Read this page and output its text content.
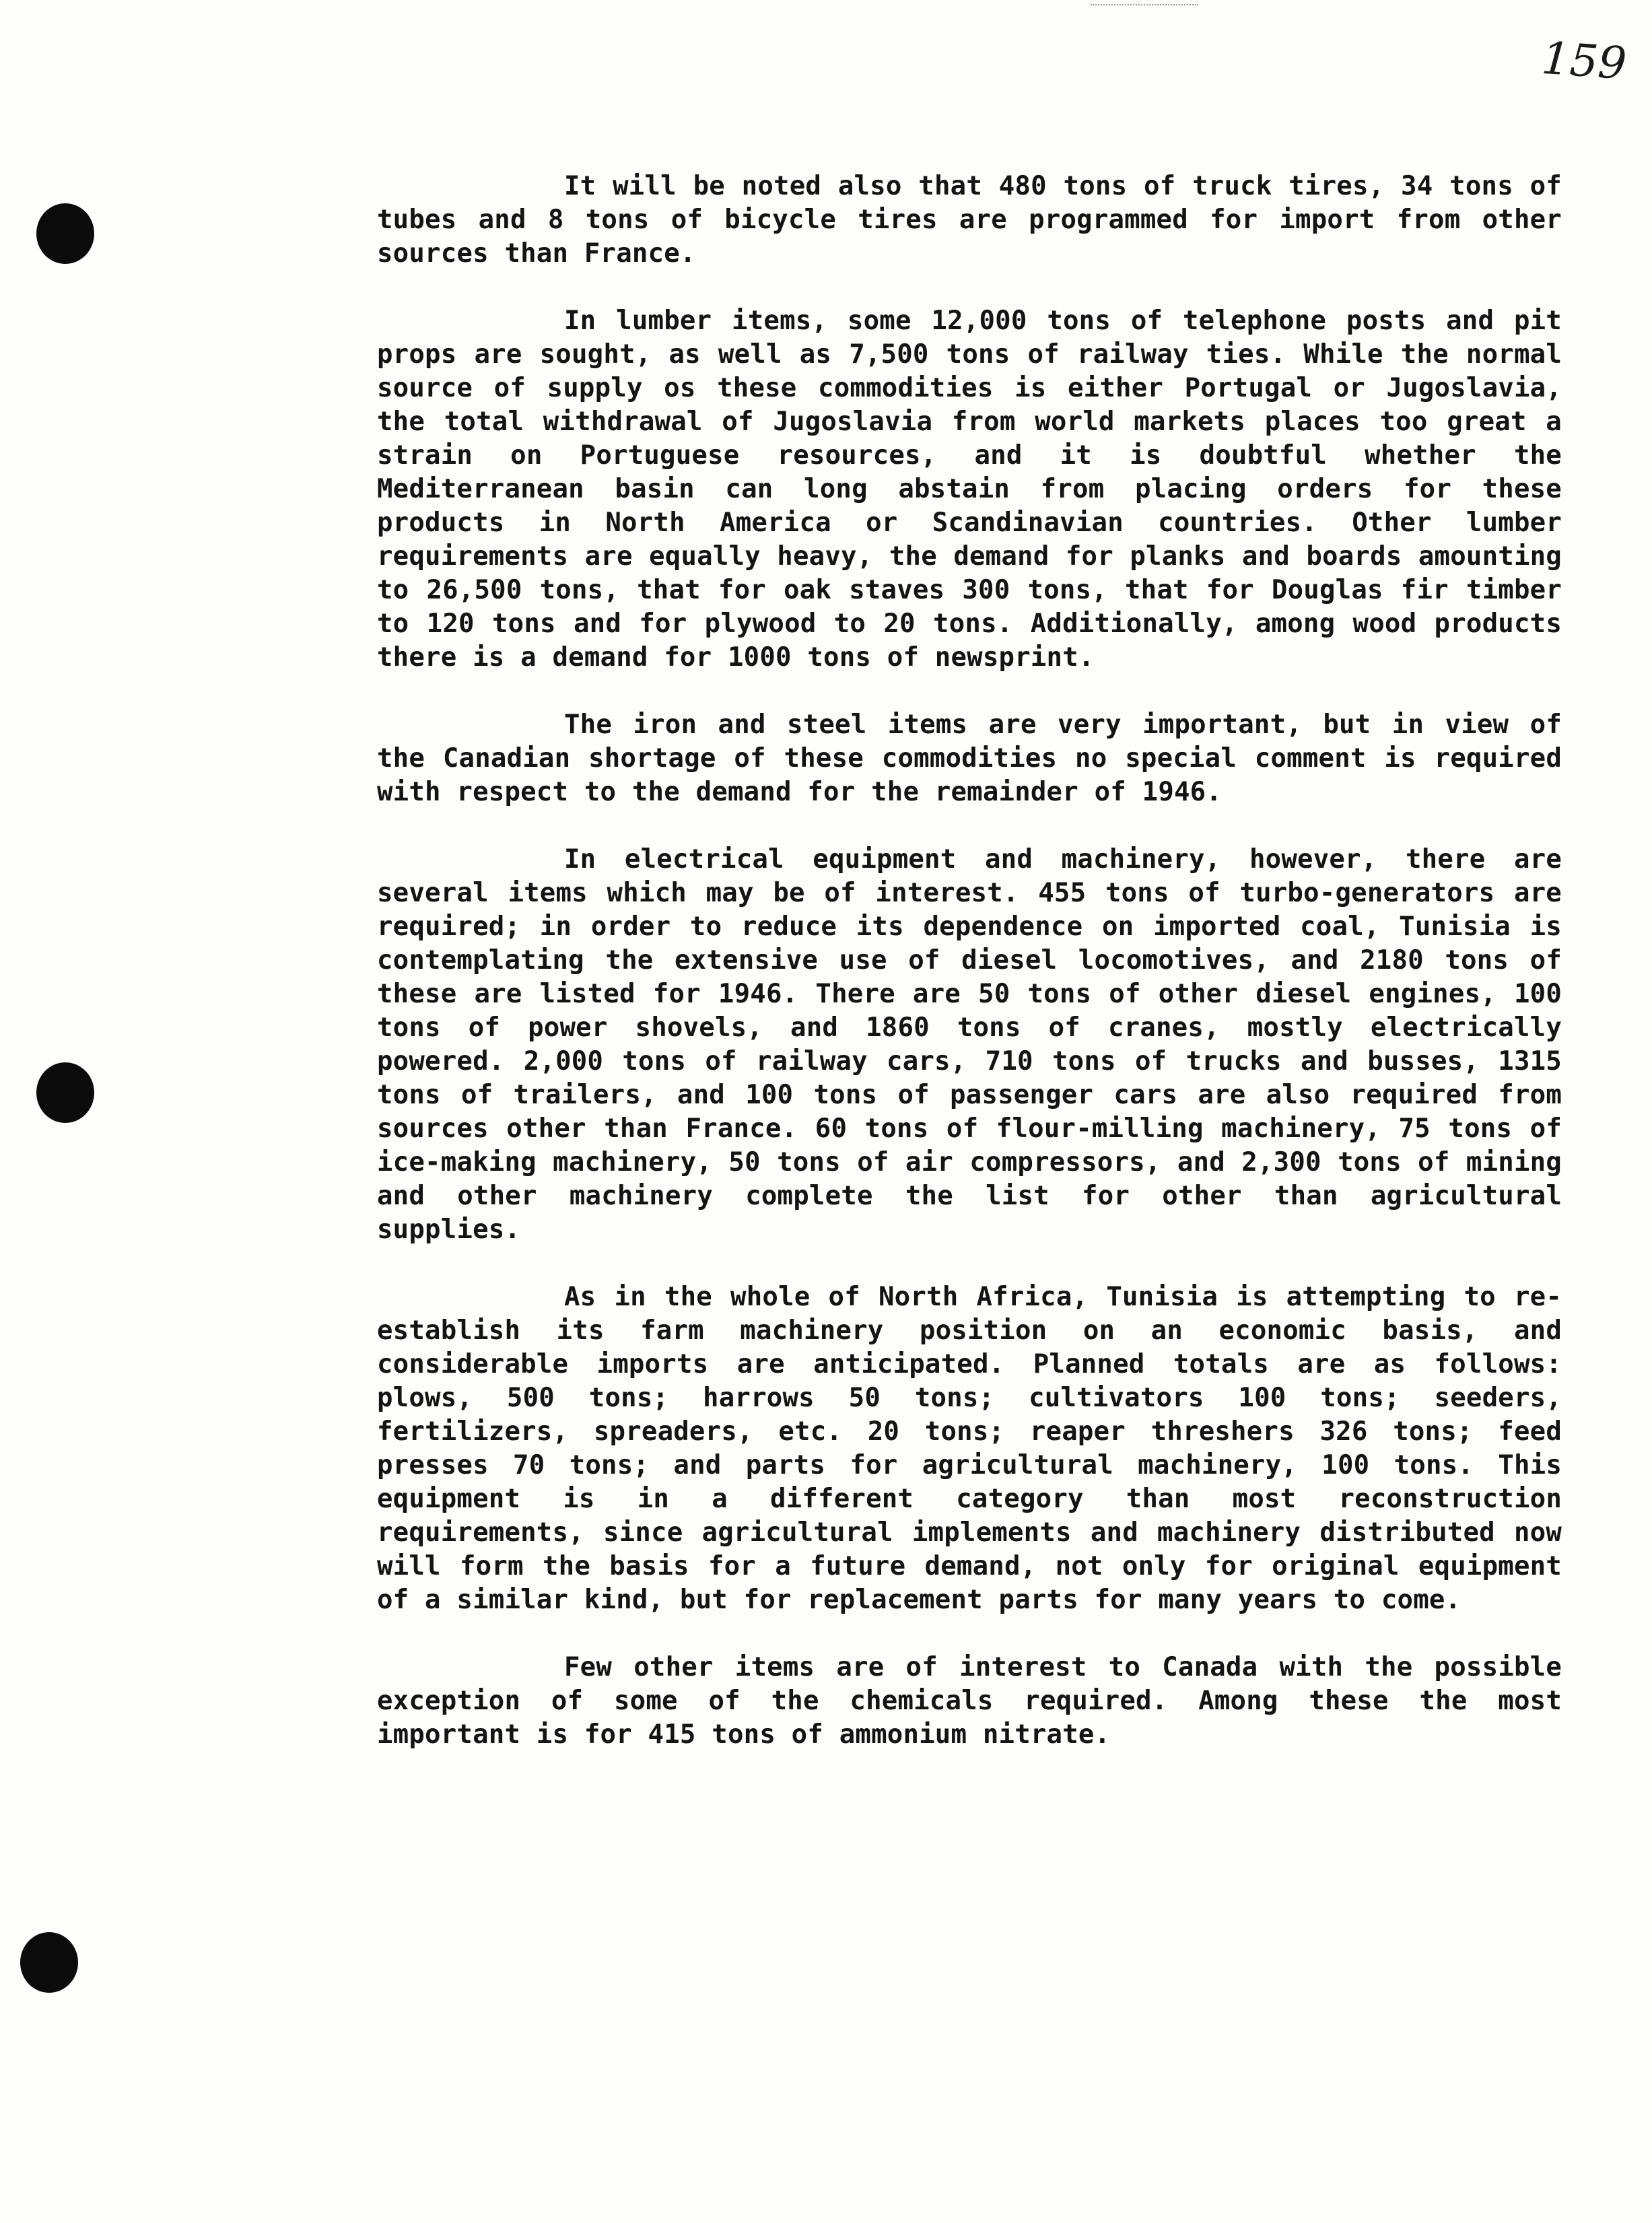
159

It will be noted also that 480 tons of truck tires, 34 tons of tubes and 8 tons of bicycle tires are programmed for import from other sources than France.

In lumber items, some 12,000 tons of telephone posts and pit props are sought, as well as 7,500 tons of railway ties. While the normal source of supply os these commodities is either Portugal or Jugoslavia, the total withdrawal of Jugoslavia from world markets places too great a strain on Portuguese resources, and it is doubtful whether the Mediterranean basin can long abstain from placing orders for these products in North America or Scandinavian countries. Other lumber requirements are equally heavy, the demand for planks and boards amounting to 26,500 tons, that for oak staves 300 tons, that for Douglas fir timber to 120 tons and for plywood to 20 tons. Additionally, among wood products there is a demand for 1000 tons of newsprint.

The iron and steel items are very important, but in view of the Canadian shortage of these commodities no special comment is required with respect to the demand for the remainder of 1946.

In electrical equipment and machinery, however, there are several items which may be of interest. 455 tons of turbo-generators are required; in order to reduce its dependence on imported coal, Tunisia is contemplating the extensive use of diesel locomotives, and 2180 tons of these are listed for 1946. There are 50 tons of other diesel engines, 100 tons of power shovels, and 1860 tons of cranes, mostly electrically powered. 2,000 tons of railway cars, 710 tons of trucks and busses, 1315 tons of trailers, and 100 tons of passenger cars are also required from sources other than France. 60 tons of flour-milling machinery, 75 tons of ice-making machinery, 50 tons of air compressors, and 2,300 tons of mining and other machinery complete the list for other than agricultural supplies.

As in the whole of North Africa, Tunisia is attempting to re-establish its farm machinery position on an economic basis, and considerable imports are anticipated. Planned totals are as follows: plows, 500 tons; harrows 50 tons; cultivators 100 tons; seeders, fertilizers, spreaders, etc. 20 tons; reaper threshers 326 tons; feed presses 70 tons; and parts for agricultural machinery, 100 tons. This equipment is in a different category than most reconstruction requirements, since agricultural implements and machinery distributed now will form the basis for a future demand, not only for original equipment of a similar kind, but for replacement parts for many years to come.

Few other items are of interest to Canada with the possible exception of some of the chemicals required. Among these the most important is for 415 tons of ammonium nitrate.
